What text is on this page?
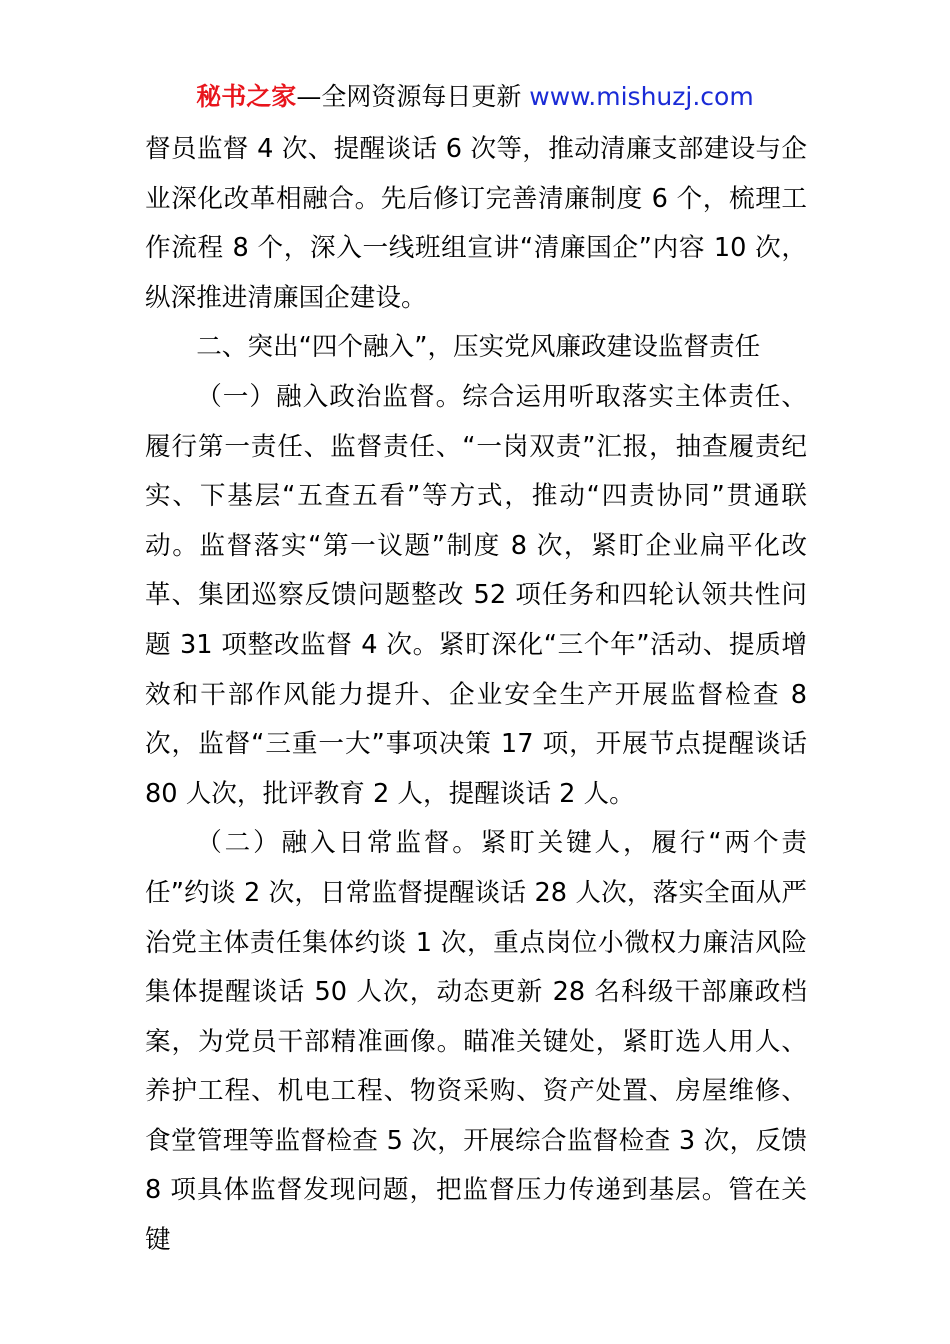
秘书之家—全网资源每日更新 www.mishuzj.com

督员监督 4 次、提醒谈话 6 次等，推动清廉支部建设与企业深化改革相融合。先后修订完善清廉制度 6 个，梳理工作流程 8 个，深入一线班组宣讲“清廉国企”内容 10 次，纵深推进清廉国企建设。

二、突出“四个融入”，压实党风廉政建设监督责任

（一）融入政治监督。综合运用听取落实主体责任、履行第一责任、监督责任、“一岗双责”汇报，抽查履责纪实、下基层“五查五看”等方式，推动“四责协同”贯通联动。监督落实“第一议题”制度 8 次，紧盯企业扁平化改革、集团巡察反馈问题整改 52 项任务和四轮认领共性问题 31 项整改监督 4 次。紧盯深化“三个年”活动、提质增效和干部作风能力提升、企业安全生产开展监督检查 8 次，监督“三重一大”事项决策 17 项，开展节点提醒谈话 80 人次，批评教育 2 人，提醒谈话 2 人。

（二）融入日常监督。紧盯关键人，履行“两个责任”约谈 2 次，日常监督提醒谈话 28 人次，落实全面从严治党主体责任集体约谈 1 次，重点岗位小微权力廉洁风险集体提醒谈话 50 人次，动态更新 28 名科级干部廉政档案，为党员干部精准画像。瞄准关键处，紧盯选人用人、养护工程、机电工程、物资采购、资产处置、房屋维修、食堂管理等监督检查 5 次，开展综合监督检查 3 次，反馈 8 项具体监督发现问题，把监督压力传递到基层。管在关键
